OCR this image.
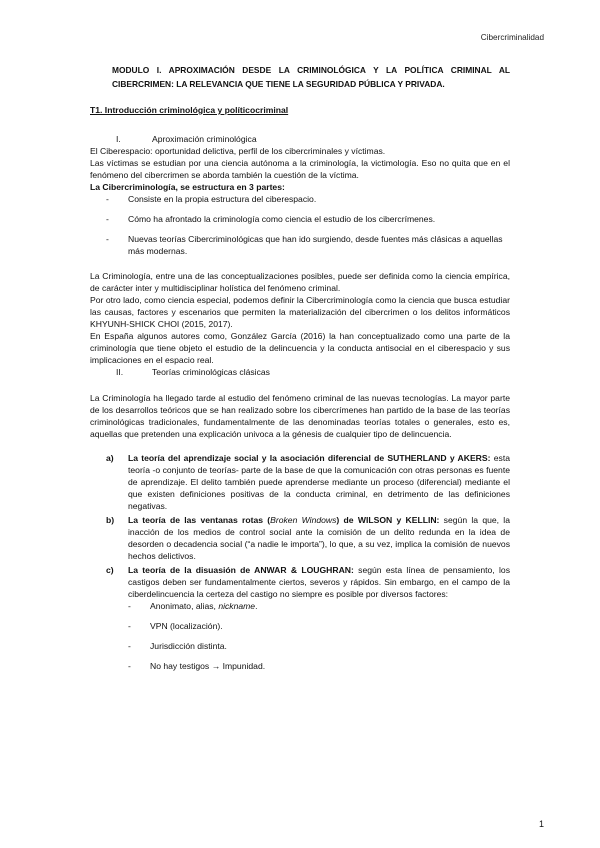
Cibercriminalidad

MODULO I. APROXIMACIÓN DESDE LA CRIMINOLÓGICA Y LA POLÍTICA CRIMINAL AL CIBERCRIMEN: LA RELEVANCIA QUE TIENE LA SEGURIDAD PÚBLICA Y PRIVADA.

T1. Introducción criminológica y políticocriminal
I.	Aproximación criminológica

El Ciberespacio: oportunidad delictiva, perfil de los cibercriminales y víctimas.

Las víctimas se estudian por una ciencia autónoma a la criminología, la victimología. Eso no quita que en el fenómeno del cibercrimen se aborda también la cuestión de la víctima.

La Cibercriminología, se estructura en 3 partes:

- Consiste en la propia estructura del ciberespacio.
- Cómo ha afrontado la criminología como ciencia el estudio de los cibercrímenes.
- Nuevas teorías Cibercriminológicas que han ido surgiendo, desde fuentes más clásicas a aquellas más modernas.

La Criminología, entre una de las conceptualizaciones posibles, puede ser definida como la ciencia empírica, de carácter inter y multidisciplinar holística del fenómeno criminal.

Por otro lado, como ciencia especial, podemos definir la Cibercriminología como la ciencia que busca estudiar las causas, factores y escenarios que permiten la materialización del cibercrimen o los delitos informáticos KHYUNH-SHICK CHOI (2015, 2017).

En España algunos autores como, González García (2016) la han conceptualizado como una parte de la criminología que tiene objeto el estudio de la delincuencia y la conducta antisocial en el ciberespacio y sus implicaciones en el espacio real.

II.	Teorías criminológicas clásicas

La Criminología ha llegado tarde al estudio del fenómeno criminal de las nuevas tecnologías. La mayor parte de los desarrollos teóricos que se han realizado sobre los cibercrímenes han partido de la base de las teorías criminológicas tradicionales, fundamentalmente de las denominadas teorías totales o generales, esto es, aquellas que pretenden una explicación univoca a la génesis de cualquier tipo de delincuencia.

a) La teoría del aprendizaje social y la asociación diferencial de SUTHERLAND y AKERS: esta teoría -o conjunto de teorías- parte de la base de que la comunicación con otras personas es fuente de aprendizaje. El delito también puede aprenderse mediante un proceso (diferencial) mediante el que existen definiciones positivas de la conducta criminal, en detrimento de las definiciones negativas.
b) La teoría de las ventanas rotas (Broken Windows) de WILSON y KELLIN: según la que, la inacción de los medios de control social ante la comisión de un delito redunda en la idea de desorden o decadencia social (“a nadie le importa”), lo que, a su vez, implica la comisión de nuevos hechos delictivos.
c) La teoría de la disuasión de ANWAR & LOUGHRAN: según esta línea de pensamiento, los castigos deben ser fundamentalmente ciertos, severos y rápidos. Sin embargo, en el campo de la ciberdelincuencia la certeza del castigo no siempre es posible por diversos factores:
- Anonimato, alias, nickname.
- VPN (localización).
- Jurisdicción distinta.
- No hay testigos → Impunidad.
1
